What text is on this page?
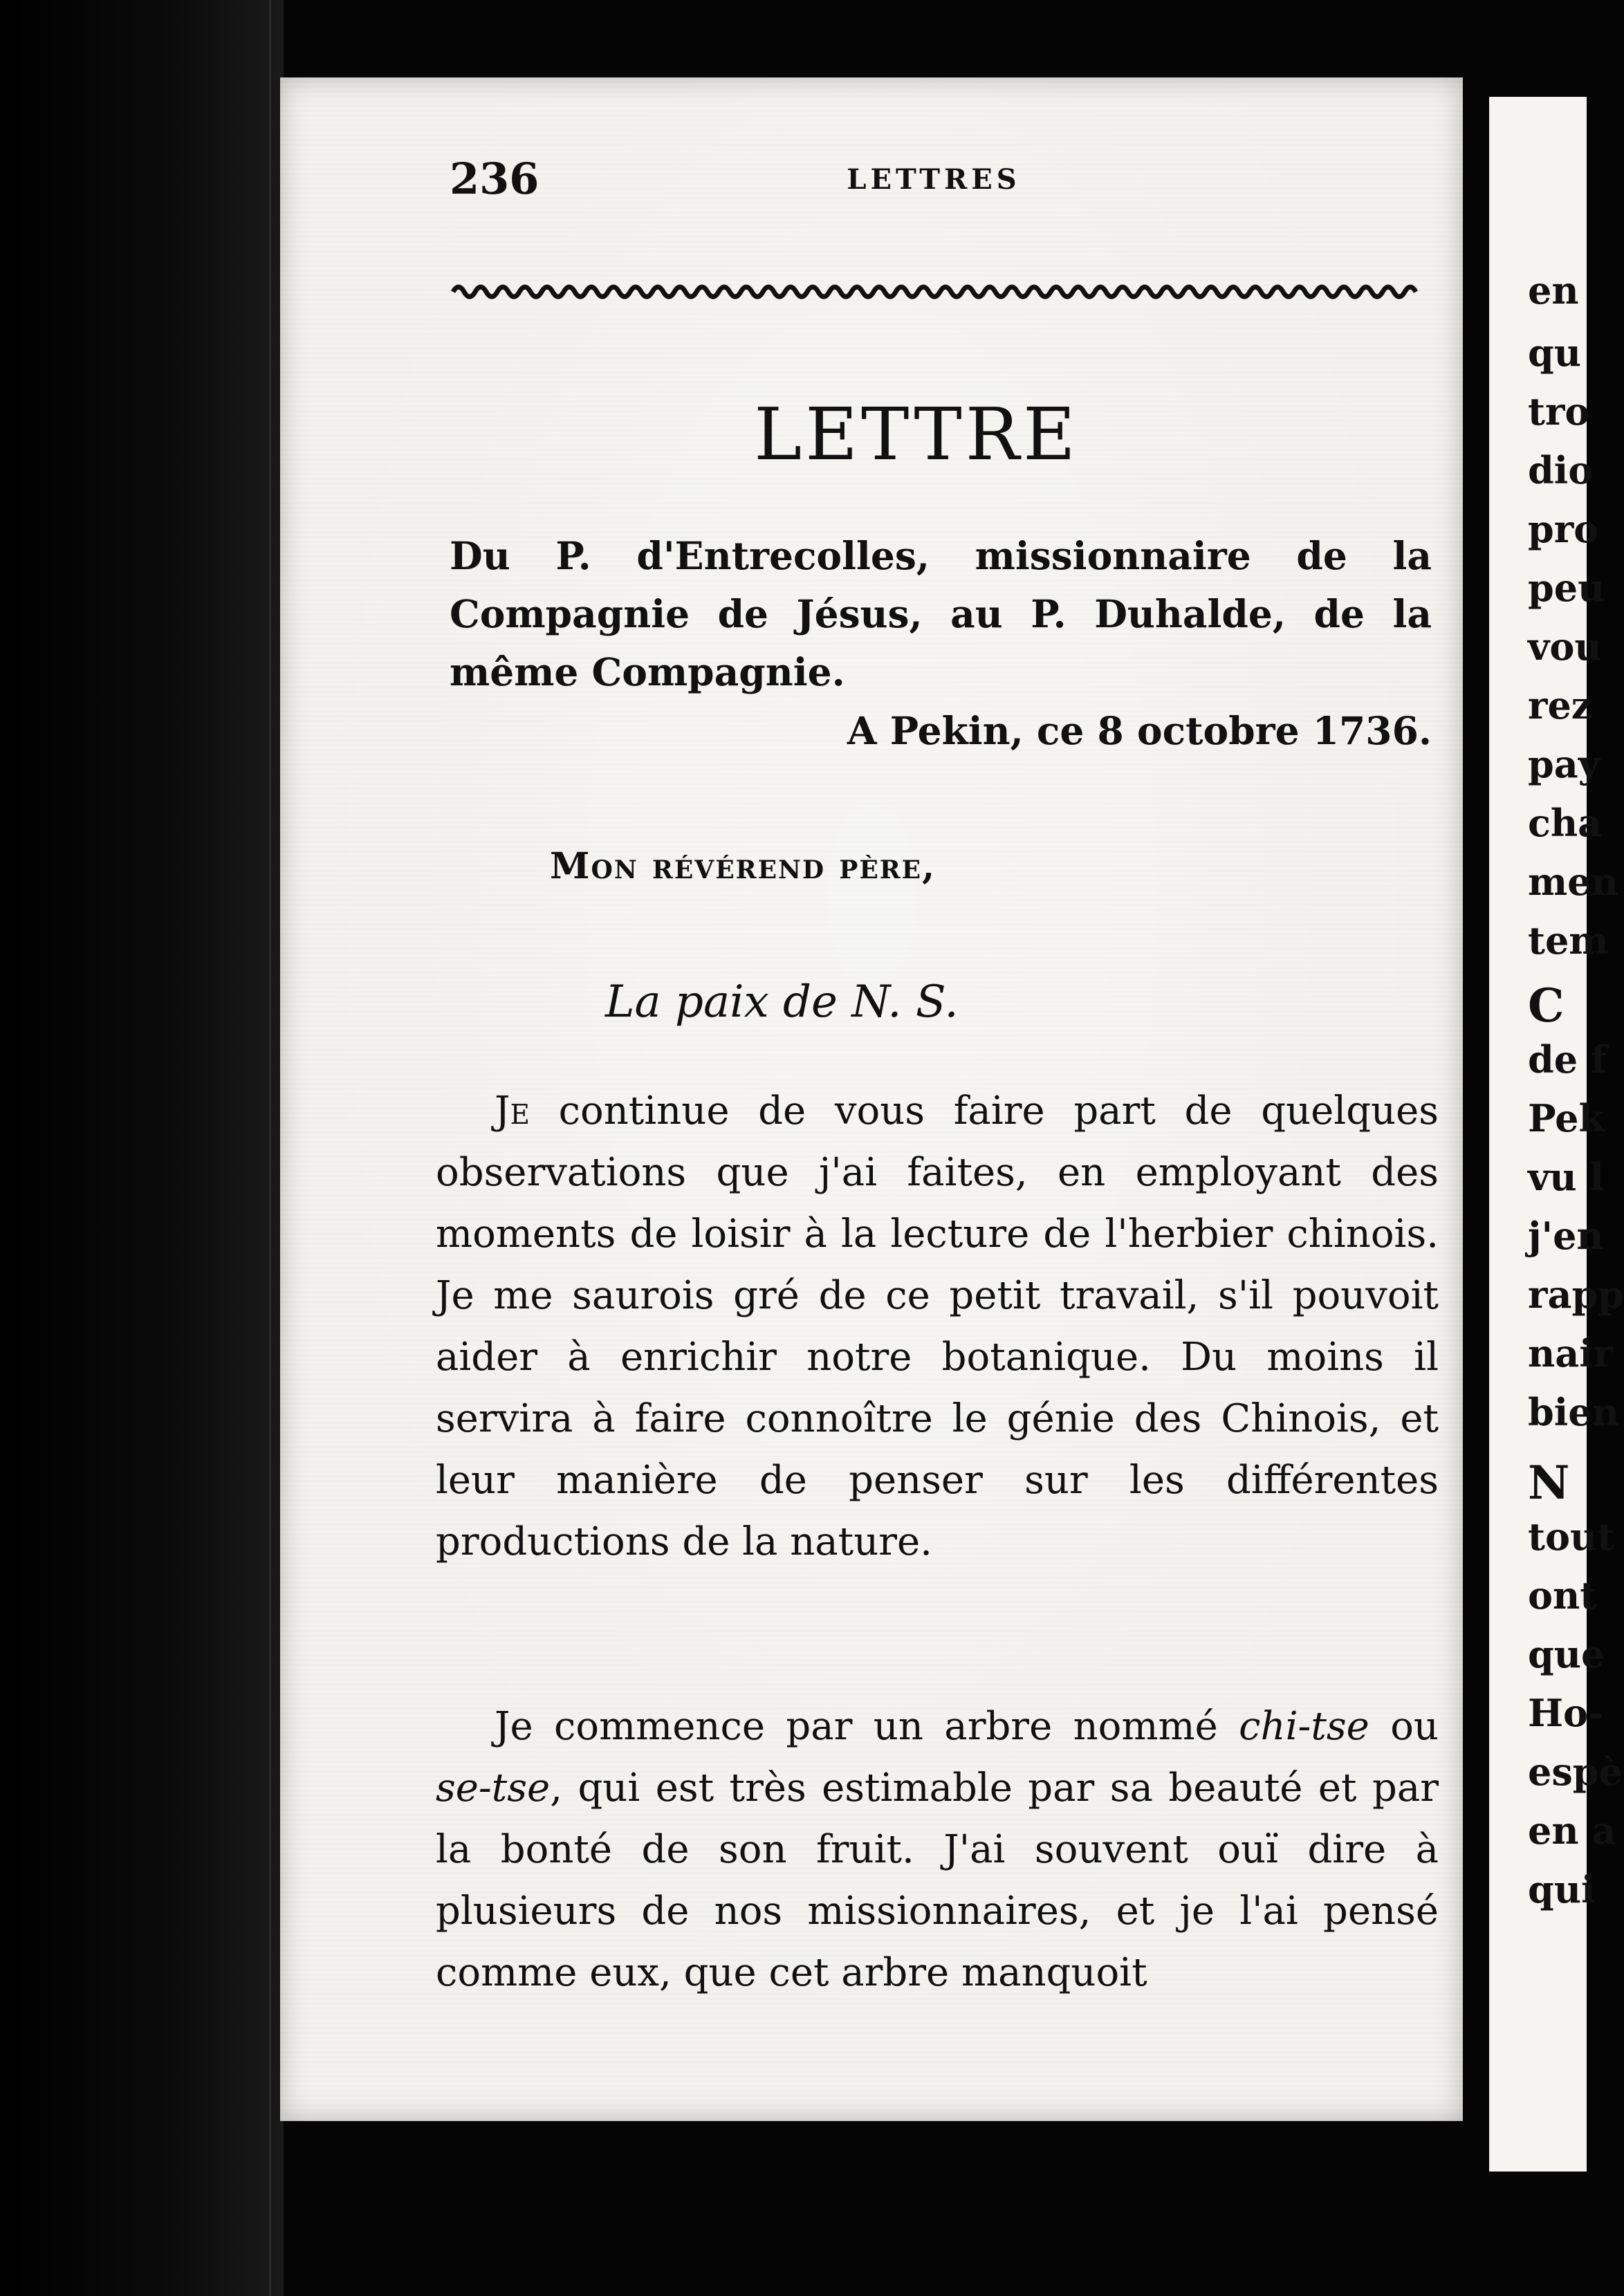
236	LETTRES
LETTRE
Du P. d'Entrecolles, missionnaire de la Compagnie de Jésus, au P. Duhalde, de la même Compagnie.
A Pekin, ce 8 octobre 1736.
Mon révérend père,
La paix de N. S.

Je continue de vous faire part de quelques observations que j'ai faites, en employant des moments de loisir à la lecture de l'herbier chinois. Je me saurois gré de ce petit travail, s'il pouvoit aider à enrichir notre botanique. Du moins il servira à faire connoître le génie des Chinois, et leur manière de penser sur les différentes productions de la nature.

Je commence par un arbre nommé chi-tse ou se-tse, qui est très estimable par sa beauté et par la bonté de son fruit. J'ai souvent ouï dire à plusieurs de nos missionnaires, et je l'ai pensé comme eux, que cet arbre manquoit

en
qu
tro
dio
pro
peu
vou
rez
pay
cha
men
tem
C
de f
Pek
vu l
j'en
rapp
nair
bien
N
tout
ont
que
Ho-
espè
en a
qui
